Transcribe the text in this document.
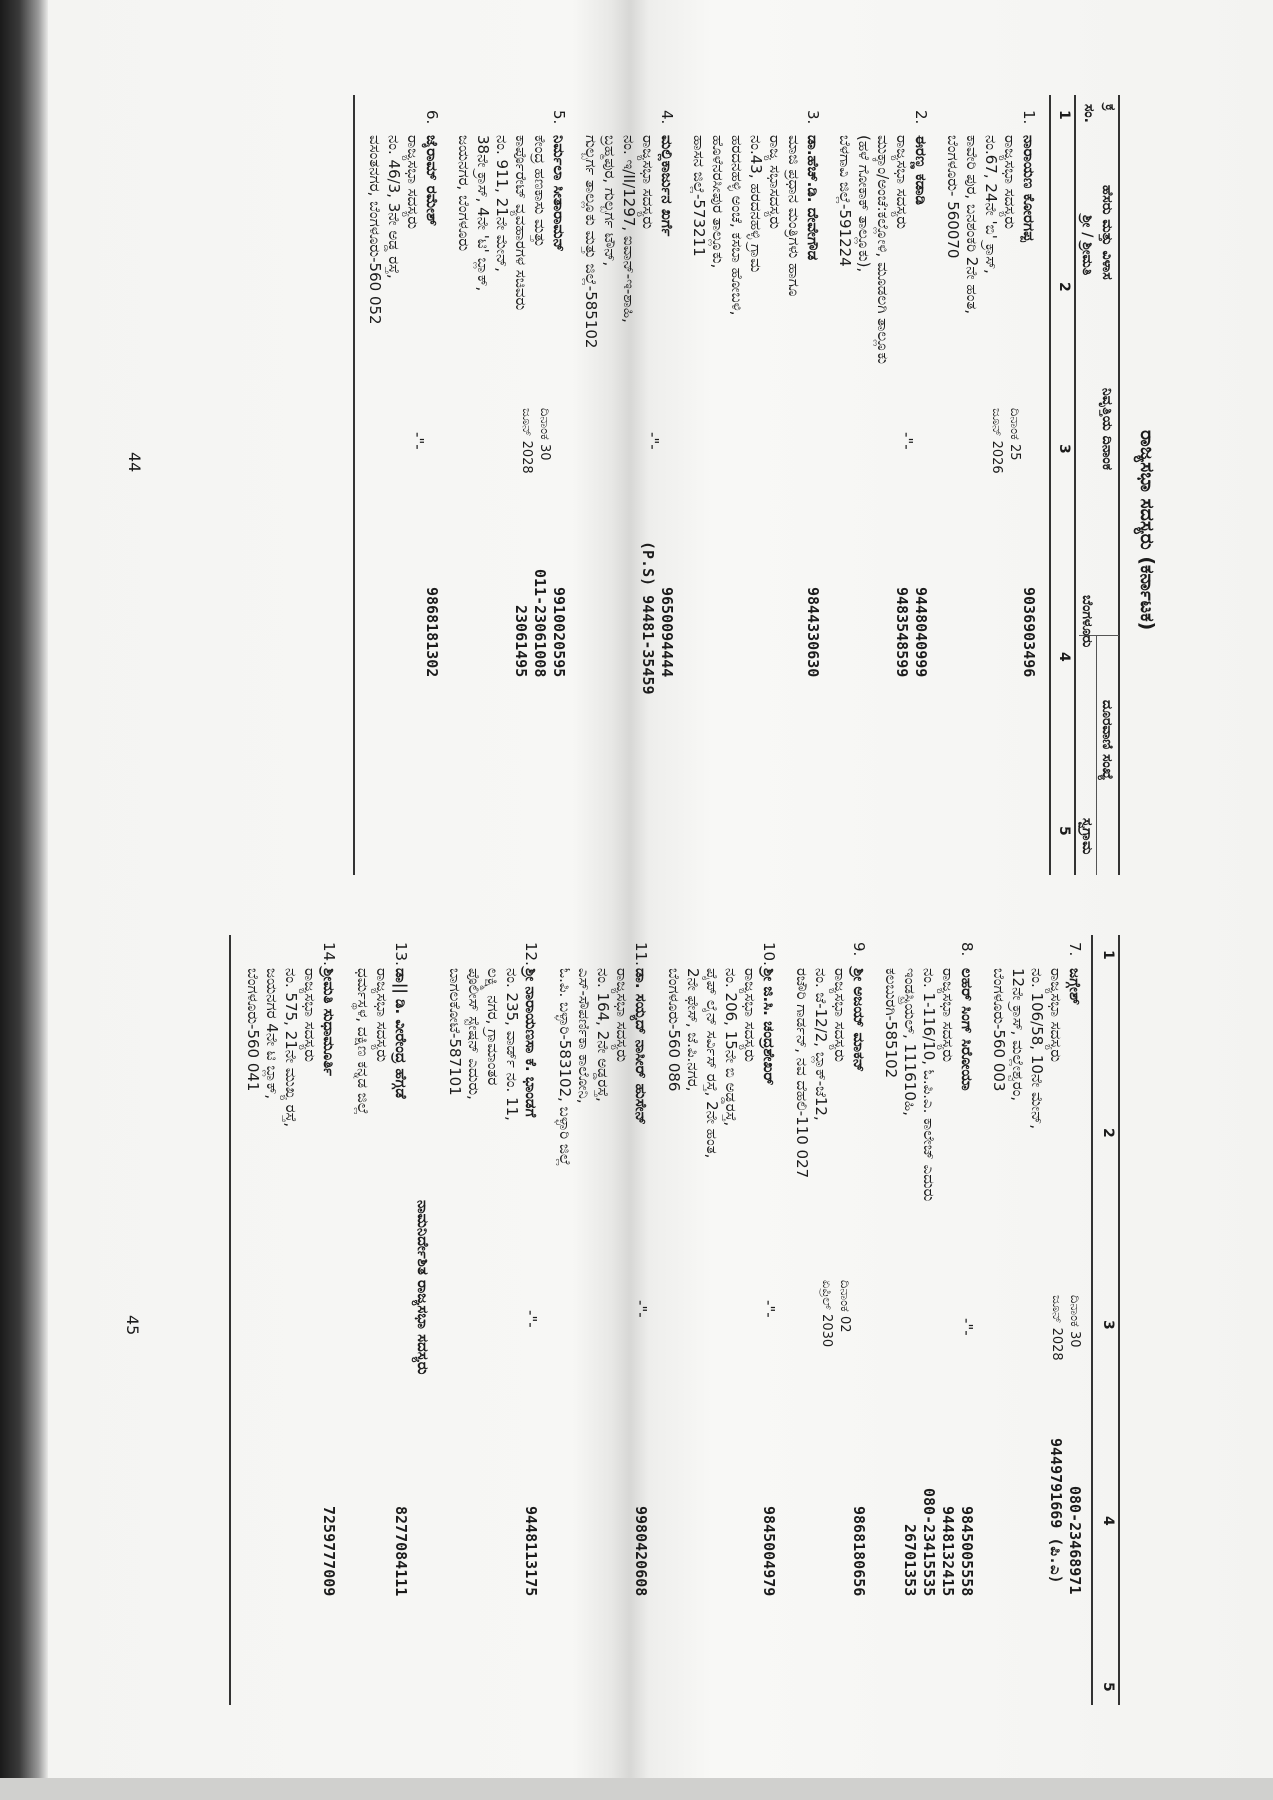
ರಾಜ್ಯಸಭಾ ಸದಸ್ಯರು (ಕರ್ನಾಟಕ)
ಕ್ರ
ಸಂ.
ಹೆಸರು ಮತ್ತು ವಿಳಾಸ
ಶ್ರೀ / ಶ್ರೀಮತಿ
ನಿವೃತ್ತಿಯ ದಿನಾಂಕ
ದೂರವಾಣಿ ಸಂಖ್ಯೆ
ಬೆಂಗಳೂರು
ಸ್ವಗ್ರಾಮ
1
2
3
4
5
1.
ನಾರಾಯಣ ಕೋರಗಪ್ಪ
ರಾಜ್ಯಸಭಾ ಸದಸ್ಯರು
ನಂ.67, 24ನೇ 'ಬಿ' ಕ್ರಾಸ್,
ಕಾವೇರಿ ಪುರ, ಬನಶಂಕರಿ 2ನೇ ಹಂತ,
ಬೆಂಗಳೂರು- 560070
ದಿನಾಂಕ 25
ಜೂನ್ 2026
9036903496
2.
ಈರಣ್ಣ ಕಡಾಡಿ
ರಾಜ್ಯಸಭಾ ಸದಸ್ಯರು
ಮುಕ್ಕಾಂ/ಅಂಚೆ:ಕಲ್ಲೋಳಿ, ಮೂಡಲಗಿ ತಾಲ್ಲೂಕು
(ಹಳೆ ಗೋಕಾಕ್ ತಾಲ್ಲೂಕು),
ಬೆಳಗಾವಿ ಜಿಲ್ಲೆ-591224
-"-
9448040999
9483548599
3.
ಡಾ.ಹೆಚ್.ಡಿ. ದೇವೇಗೌಡ
ಮಾಜಿ ಪ್ರಧಾನ ಮಂತ್ರಿಗಳು ಹಾಗೂ
ರಾಜ್ಯ ಸಭಾಸದಸ್ಯರು
ನಂ.43, ಹರದನಹಳ್ಳಿ ಗ್ರಾಮ
ಹರದನಹಳ್ಳಿ ಅಂಚೆ, ಕಸಬಾ ಹೋಬಳಿ,
ಹೊಳೆನರಸೀಪುರ ತಾಲ್ಲೂಕು,
ಹಾಸನ ಜಿಲ್ಲೆ-573211
9844330630
4.
ಮಲ್ಲಿಕಾರ್ಜುನ ಖರ್ಗೆ
ರಾಜ್ಯಸಭಾ ಸದಸ್ಯರು
ನಂ. ಇ/II/1297, ಐವಾನ್-ಇ-ಶಾಹಿ,
ಬ್ರಹ್ಮಪುರ, ಗುಲ್ಬರ್ಗ ಟೌನ್,
ಗುಲ್ಬರ್ಗ ತಾಲ್ಲೂಕು ಮತ್ತು ಜಿಲ್ಲೆ-585102
-"-
9650094444
(P.S) 94481-35459
5.
ನಿರ್ಮಲಾ ಸೀತಾರಾಮನ್
ಕೇಂದ್ರ ಹಣಕಾಸು ಮತ್ತು
ಕಾರ್ಪೊರೇಟ್ ವ್ಯವಹಾರಗಳ ಸಚಿವರು
ನಂ. 911, 21ನೇ ಮೇನ್,
38ನೇ ಕ್ರಾಸ್, 4ನೇ 'ಟಿ' ಬ್ಲಾಕ್,
ಜಯನಗರ, ಬೆಂಗಳೂರು
ದಿನಾಂಕ 30
ಜೂನ್ 2028
9910020595
011-23061008
23061495
6.
ಜೈರಾಮ್ ರಮೇಶ್
ರಾಜ್ಯಸಭಾ ಸದಸ್ಯರು
ನಂ. 46/3, 3ನೇ ಅಡ್ಡ ರಸ್ತೆ,
ವಸಂತನಗರ, ಬೆಂಗಳೂರು-560 052
-"-
9868181302
44
1
2
3
4
5
7.
ಜಗ್ಗೇಶ್
ರಾಜ್ಯಸಭಾ ಸದಸ್ಯರು
ನಂ. 106/58, 10ನೇ ಮೇನ್,
12ನೇ ಕ್ರಾಸ್, ಮಲ್ಲೇಶ್ವರಂ,
ಬೆಂಗಳೂರು-560 003
ದಿನಾಂಕ 30
ಜೂನ್ 2028
080-23468971
9449791669 (ಪಿ.ಎ)
8.
ಲಹರ್ ಸಿಂಗ್ ಸಿರೋಯಾ
ರಾಜ್ಯಸಭಾ ಸದಸ್ಯರು
ನಂ. 1-116/10, ಓ.ಪಿ.ಎ. ಕಾಲೇಜ್ ಎದುರು
ಇಂಡಸ್ಟ್ರಿಯಲ್, 111610ಹಿ,
ಕಲಬುರಗಿ-585102
-"-
9845005558
9448132415
080-23415535
26701353
9.
ಶ್ರೀ ಅಜಯ್ ಮಾಕನ್
ರಾಜ್ಯಸಭಾ ಸದಸ್ಯರು
ನಂ. ಜೆ-12/2, ಬ್ಲಾಕ್-ಜೆ12,
ರಜೌರಿ ಗಾರ್ಡನ್, ನವ ದೆಹಲಿ-110 027
ದಿನಾಂಕ 02
ಏಪ್ರಿಲ್ 2030
9868180656
10.
ಶ್ರೀ ಜಿ.ಸಿ. ಚಂದ್ರಶೇಖರ್
ರಾಜ್ಯಸಭಾ ಸದಸ್ಯರು
ನಂ. 206, 15ನೇ ಬಿ ಅಡ್ಡರಸ್ತೆ,
ಪೈಪ್ ಲೈನ್ ಸರ್ವಿಸ್ ರಸ್ತೆ, 2ನೇ ಹಂತ,
2ನೇ ಫೇಸ್, ಜೆ.ಪಿ.ನಗರ,
ಬೆಂಗಳೂರು-560 086
-"-
9845004979
11.
ಡಾ. ಸಯ್ಯದ್ ನಾಸೀರ್ ಹುಸೇನ್
ರಾಜ್ಯಸಭಾ ಸದಸ್ಯರು
ನಂ. 164, 2ನೇ ಅಡ್ಡರಸ್ತೆ,
ಎಸ್-ಸೌಪರ್ಣಿಕಾ ಕಾಲೋನಿ,
ಓ.ಪಿ. ಬಳ್ಳಾರಿ-583102, ಬಳ್ಳಾರಿ ಜಿಲ್ಲೆ
-"-
9980420608
12.
ಶ್ರೀ ನಾರಾಯಣಸಾ ಕೆ. ಭಾಂಡಗೆ
ನಂ. 235, ವಾರ್ಡ್ ನಂ. 11,
ಲಕ್ಷ್ಮಿ ನಗರ, ಗ್ರಾಮಾಂತರ
ಪೊಲೀಸ್ ಸ್ಟೇಷನ್ ಎದುರು,
ಬಾಗಲಕೋಟೆ-587101
-"-
9448113175
ನಾಮನಿರ್ದೇಶಿತ ರಾಜ್ಯಸಭಾ ಸದಸ್ಯರು
13.
ಡಾ|| ಡಿ. ವೀರೇಂದ್ರ ಹೆಗ್ಗಡೆ
ರಾಜ್ಯಸಭಾ ಸದಸ್ಯರು
ಧರ್ಮಸ್ಥಳ, ದಕ್ಷಿಣ ಕನ್ನಡ ಜಿಲ್ಲೆ
8277084111
14.
ಶ್ರೀಮತಿ ಸುಧಾಮೂರ್ತಿ
ರಾಜ್ಯಸಭಾ ಸದಸ್ಯರು
ನಂ. 575, 21ನೇ ಮುಖ್ಯ ರಸ್ತೆ,
ಜಯನಗರ 4ನೇ ಟಿ ಬ್ಲಾಕ್,
ಬೆಂಗಳೂರು-560 041
7259777009
45
